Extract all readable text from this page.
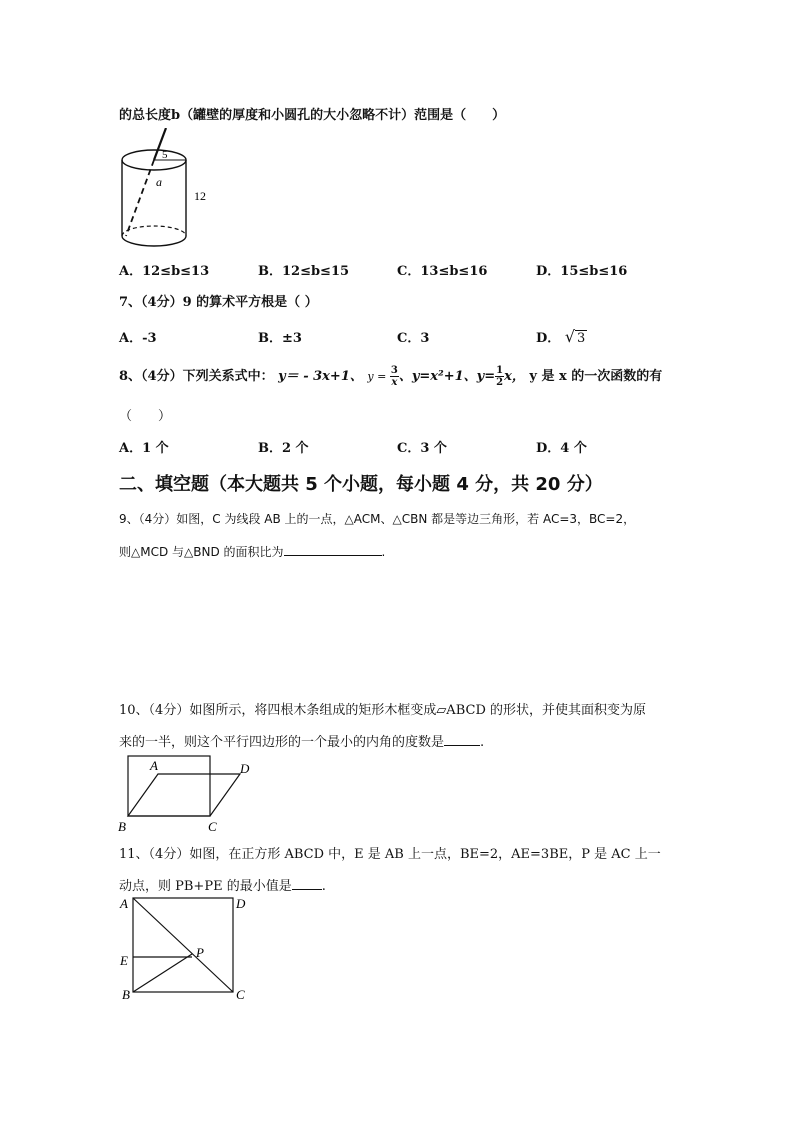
的总长度b（罐壁的厚度和小圆孔的大小忽略不计）范围是（　　）
5
a
12
A．12≤b≤13	B．12≤b≤15	C．13≤b≤16	D．15≤b≤16
7、（4分）9 的算术平方根是（ ）
A．-3	B．±3	C．3	D． √ 3
8、（4分）下列关系式中： y＝ - 3x+1、 $y = \frac{3}{x}$ 、y=x²+1、$y= \frac{1}{2}$ x， y 是 x 的一次函数的有
（　　）
A．1 个	B．2 个	C．3 个	D．4 个
二、填空题（本大题共 5 个小题，每小题 4 分，共 20 分）
9、（4分）如图，C 为线段 AB 上的一点，△ACM、△CBN 都是等边三角形，若 AC=3，BC=2，
则△MCD 与△BND 的面积比为	.
10、（4分）如图所示，将四根木条组成的矩形木框变成▱ABCD 的形状，并使其面积变为原
来的一半，则这个平行四边形的一个最小的内角的度数是	.
A	D
B	C
11、（4分）如图，在正方形 ABCD 中，E 是 AB 上一点，BE=2，AE=3BE，P 是 AC 上一
动点，则 PB+PE 的最小值是 .
A	D
E
P
B	C
